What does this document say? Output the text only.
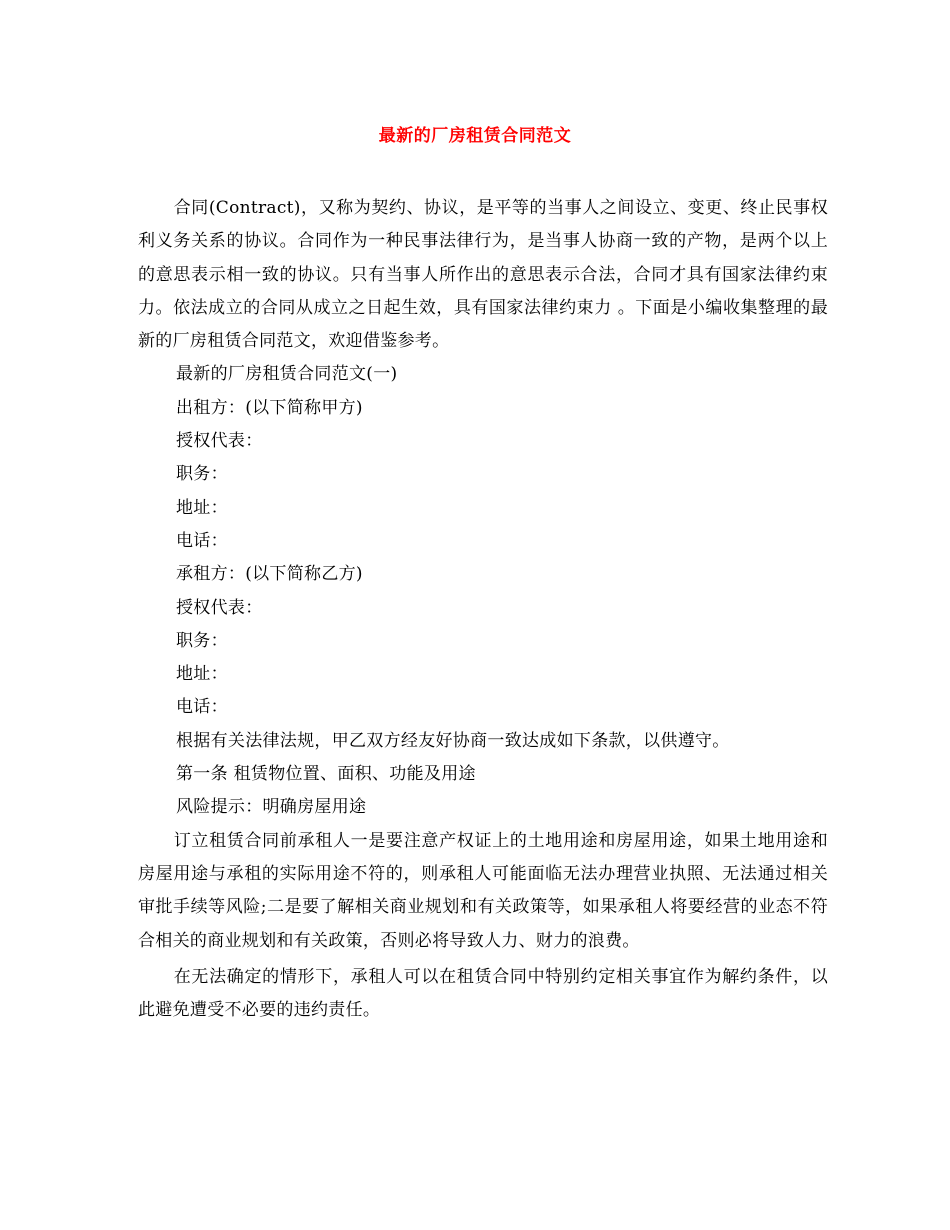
最新的厂房租赁合同范文

合同(Contract)，又称为契约、协议，是平等的当事人之间设立、变更、终止民事权利义务关系的协议。合同作为一种民事法律行为，是当事人协商一致的产物，是两个以上的意思表示相一致的协议。只有当事人所作出的意思表示合法，合同才具有国家法律约束力。依法成立的合同从成立之日起生效，具有国家法律约束力 。下面是小编收集整理的最新的厂房租赁合同范文，欢迎借鉴参考。

最新的厂房租赁合同范文(一)

出租方：(以下简称甲方)

授权代表：

职务：

地址：

电话：

承租方：(以下简称乙方)

授权代表：

职务：

地址：

电话：

根据有关法律法规，甲乙双方经友好协商一致达成如下条款，以供遵守。

第一条 租赁物位置、面积、功能及用途

风险提示：明确房屋用途

订立租赁合同前承租人一是要注意产权证上的土地用途和房屋用途，如果土地用途和房屋用途与承租的实际用途不符的，则承租人可能面临无法办理营业执照、无法通过相关审批手续等风险;二是要了解相关商业规划和有关政策等，如果承租人将要经营的业态不符合相关的商业规划和有关政策，否则必将导致人力、财力的浪费。

在无法确定的情形下，承租人可以在租赁合同中特别约定相关事宜作为解约条件，以此避免遭受不必要的违约责任。
